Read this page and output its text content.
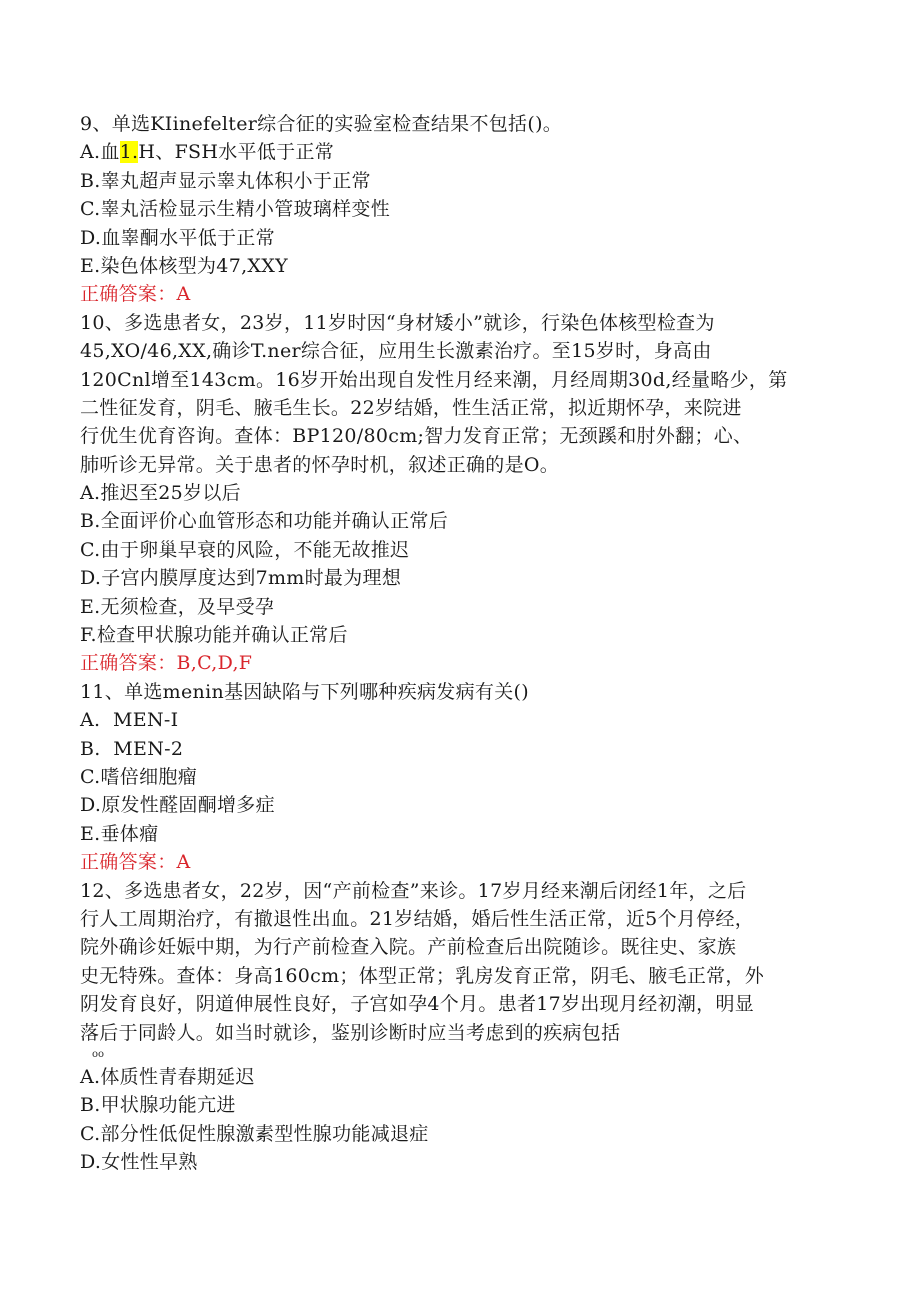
9、单选KIinefelter综合征的实验室检查结果不包括()。
A.血1.H、FSH水平低于正常
B.睾丸超声显示睾丸体积小于正常
C.睾丸活检显示生精小管玻璃样变性
D.血睾酮水平低于正常
E.染色体核型为47,XXY
正确答案：A
10、多选患者女，23岁，11岁时因“身材矮小”就诊，行染色体核型检查为
45,XO/46,XX,确诊T.ner综合征，应用生长激素治疗。至15岁时，身高由
120Cnl增至143cm。16岁开始出现自发性月经来潮，月经周期30d,经量略少，第
二性征发育，阴毛、腋毛生长。22岁结婚，性生活正常，拟近期怀孕，来院进
行优生优育咨询。查体：BP120/80cm;智力发育正常；无颈蹊和肘外翻；心、
肺听诊无异常。关于患者的怀孕时机，叙述正确的是O。
A.推迟至25岁以后
B.全面评价心血管形态和功能并确认正常后
C.由于卵巢早衰的风险，不能无故推迟
D.子宫内膜厚度达到7mm时最为理想
E.无须检查，及早受孕
F.检查甲状腺功能并确认正常后
正确答案：B,C,D,F
11、单选menin基因缺陷与下列哪种疾病发病有关()
A.  MEN-I
B.  MEN-2
C.嗜倍细胞瘤
D.原发性醛固酮增多症
E.垂体瘤
正确答案：A
12、多选患者女，22岁，因“产前检查”来诊。17岁月经来潮后闭经1年，之后
行人工周期治疗，有撤退性出血。21岁结婚，婚后性生活正常，近5个月停经，
院外确诊妊娠中期，为行产前检查入院。产前检查后出院随诊。既往史、家族
史无特殊。查体：身高160cm；体型正常；乳房发育正常，阴毛、腋毛正常，外
阴发育良好，阴道伸展性良好，子宫如孕4个月。患者17岁出现月经初潮，明显
落后于同龄人。如当时就诊，鉴别诊断时应当考虑到的疾病包括
oo
A.体质性青春期延迟
B.甲状腺功能亢进
C.部分性低促性腺激素型性腺功能减退症
D.女性性早熟
